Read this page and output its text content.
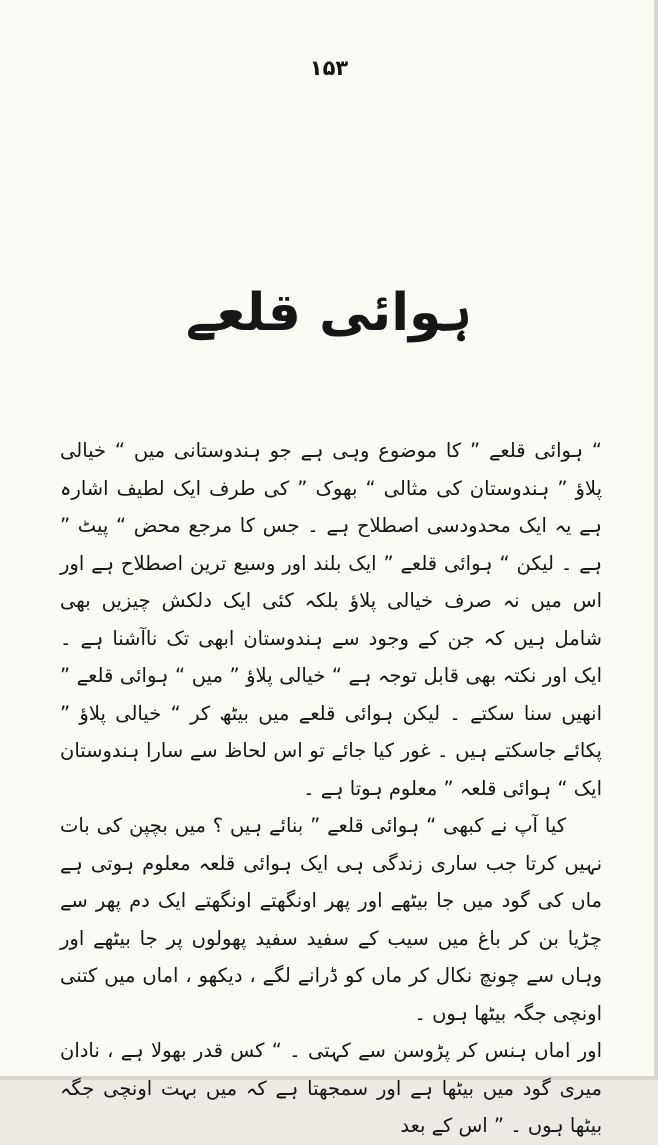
۱۵۳
ہوائی قلعے

“ ہوائی قلعے ” کا موضوع وہی ہے جو ہندوستانی میں “ خیالی پلاؤ ” ہندوستان کی مثالی “ بھوک ” کی طرف ایک لطیف اشارہ ہے یہ ایک محدودسی اصطلاح ہے ۔ جس کا مرجع محض “ پیٹ ” ہے ۔ لیکن “ ہوائی قلعے ” ایک بلند اور وسیع ترین اصطلاح ہے اور اس میں نہ صرف خیالی پلاؤ بلکہ کئی ایک دلکش چیزیں بھی شامل ہیں کہ جن کے وجود سے ہندوستان ابھی تک ناآشنا ہے ۔ ایک اور نکتہ بھی قابل توجہ ہے “ خیالی پلاؤ ” میں “ ہوائی قلعے ” انھیں سنا سکتے ۔ لیکن ہوائی قلعے میں بیٹھ کر “ خیالی پلاؤ ” پکائے جاسکتے ہیں ۔ غور کیا جائے تو اس لحاظ سے سارا ہندوستان ایک “ ہوائی قلعہ ” معلوم ہوتا ہے ۔

کیا آپ نے کبھی “ ہوائی قلعے ” بنائے ہیں ؟ میں بچپن کی بات نہیں کرتا جب ساری زندگی ہی ایک ہوائی قلعہ معلوم ہوتی ہے ماں کی گود میں جا بیٹھے اور پھر اونگھتے اونگھتے ایک دم پھر سے چڑیا بن کر باغ میں سیب کے سفید سفید پھولوں پر جا بیٹھے اور وہاں سے چونچ نکال کر ماں کو ڈرانے لگے ، دیکھو ، اماں میں کتنی اونچی جگہ بیٹھا ہوں ۔

اور اماں ہنس کر پڑوسن سے کہتی ۔ “ کس قدر بھولا ہے ، نادان میری گود میں بیٹھا ہے اور سمجھتا ہے کہ میں بہت اونچی جگہ بیٹھا ہوں ۔ ” اس کے بعد
